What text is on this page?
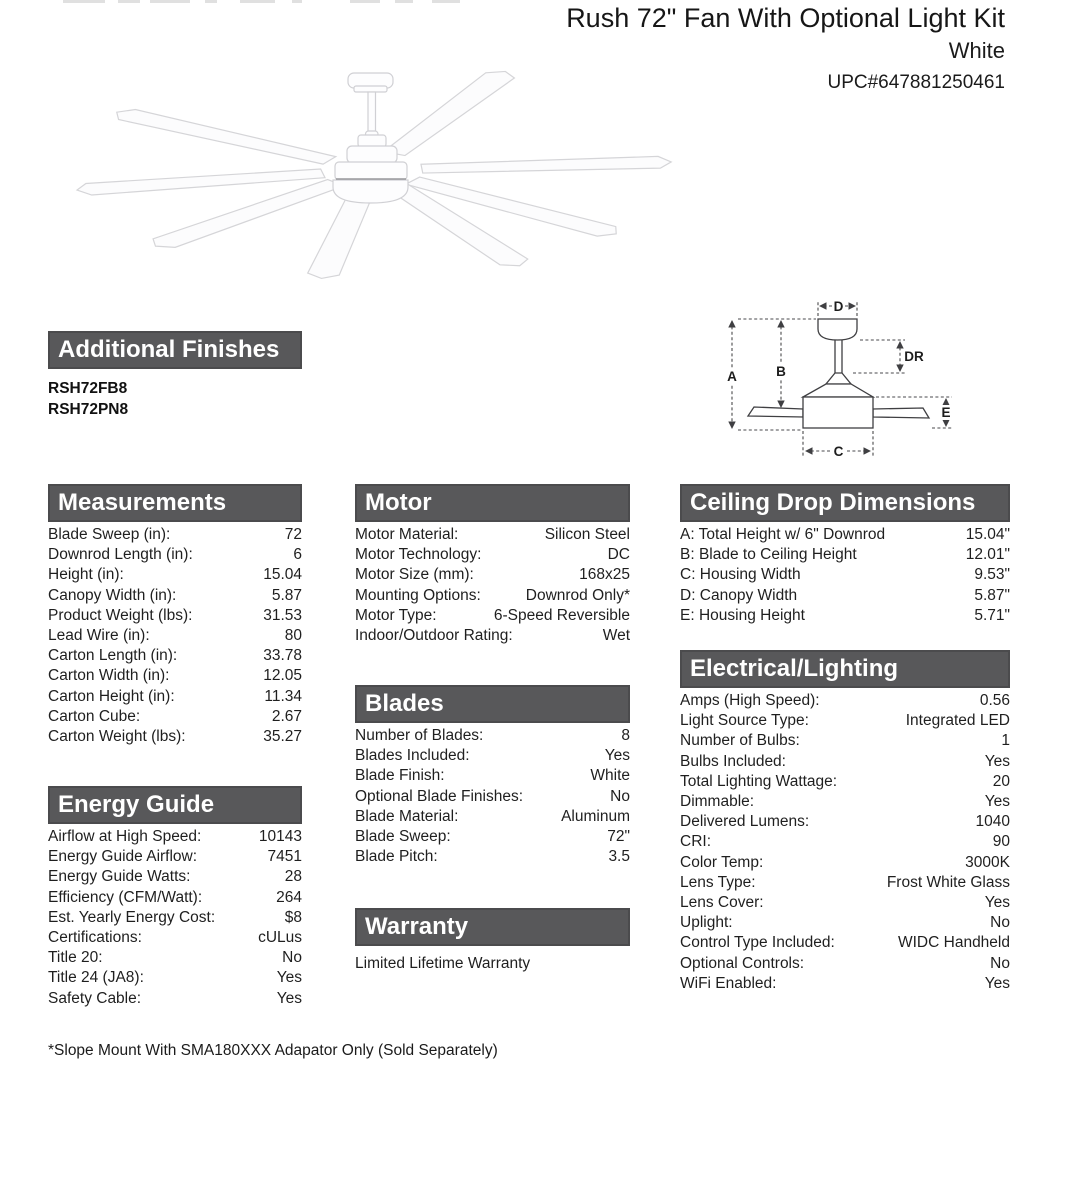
Rush 72" Fan With Optional Light Kit
White
UPC#647881250461
A	B
C
D
DR
E
Additional Finishes
RSH72FB8
RSH72PN8
Measurements
Blade Sweep (in):	72
Downrod Length (in):	6
Height (in):	15.04
Canopy Width (in):	5.87
Product Weight (lbs):	31.53
Lead Wire (in):	80
Carton Length (in):	33.78
Carton Width (in):	12.05
Carton Height (in):	11.34
Carton Cube:	2.67
Carton Weight (lbs):	35.27
Energy Guide
Airflow at High Speed:	10143
Energy Guide Airflow:	7451
Energy Guide Watts:	28
Efficiency (CFM/Watt):	264
Est. Yearly Energy Cost:	$8
Certifications:	cULus
Title 20:	No
Title 24 (JA8):	Yes
Safety Cable:	Yes
Motor
Motor Material:	Silicon Steel
Motor Technology:	DC
Motor Size (mm):	168x25
Mounting Options:	Downrod Only*
Motor Type:	6-Speed Reversible
Indoor/Outdoor Rating:	Wet
Blades
Number of Blades:	8
Blades Included:	Yes
Blade Finish:	White
Optional Blade Finishes:	No
Blade Material:	Aluminum
Blade Sweep:	72"
Blade Pitch:	3.5
Warranty
Limited Lifetime Warranty
Ceiling Drop Dimensions
A: Total Height w/ 6" Downrod	15.04"
B: Blade to Ceiling Height	12.01"
C: Housing Width	9.53"
D: Canopy Width	5.87"
E: Housing Height	5.71"
Electrical/Lighting
Amps (High Speed):	0.56
Light Source Type:	Integrated LED
Number of Bulbs:	1
Bulbs Included:	Yes
Total Lighting Wattage:	20
Dimmable:	Yes
Delivered Lumens:	1040
CRI:	90
Color Temp:	3000K
Lens Type:	Frost White Glass
Lens Cover:	Yes
Uplight:	No
Control Type Included:	WIDC Handheld
Optional Controls:	No
WiFi Enabled:	Yes
*Slope Mount With SMA180XXX Adapator Only (Sold Separately)
